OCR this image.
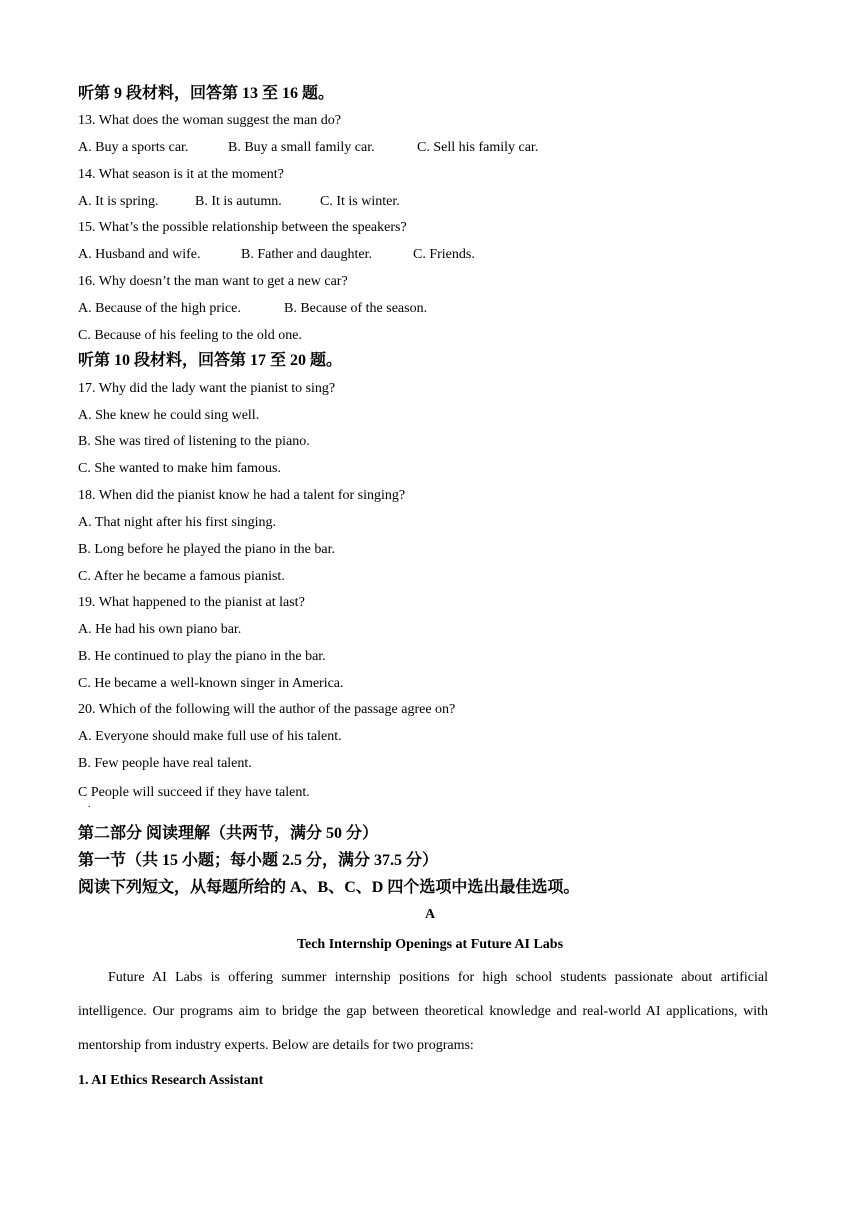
听第 9 段材料，回答第 13 至 16 题。
13. What does the woman suggest the man do?
A. Buy a sports car.	B. Buy a small family car.	C. Sell his family car.
14. What season is it at the moment?
A. It is spring.	B. It is autumn.	C. It is winter.
15. What’s the possible relationship between the speakers?
A. Husband and wife.	B. Father and daughter.	C. Friends.
16. Why doesn’t the man want to get a new car?
A. Because of the high price.	B. Because of the season.
C. Because of his feeling to the old one.
听第 10 段材料，回答第 17 至 20 题。
17. Why did the lady want the pianist to sing?
A. She knew he could sing well.
B. She was tired of listening to the piano.
C. She wanted to make him famous.
18. When did the pianist know he had a talent for singing?
A. That night after his first singing.
B. Long before he played the piano in the bar.
C. After he became a famous pianist.
19. What happened to the pianist at last?
A. He had his own piano bar.
B. He continued to play the piano in the bar.
C. He became a well-known singer in America.
20. Which of the following will the author of the passage agree on?
A. Everyone should make full use of his talent.
B. Few people have real talent.
C People will succeed if they have talent.
.
第二部分 阅读理解（共两节，满分 50 分）
第一节（共 15 小题；每小题 2.5 分，满分 37.5 分）
阅读下列短文，从每题所给的 A、B、C、D 四个选项中选出最佳选项。
A
Tech Internship Openings at Future AI Labs
Future AI Labs is offering summer internship positions for high school students passionate about artificial intelligence. Our programs aim to bridge the gap between theoretical knowledge and real-world AI applications, with mentorship from industry experts. Below are details for two programs:
1. AI Ethics Research Assistant
